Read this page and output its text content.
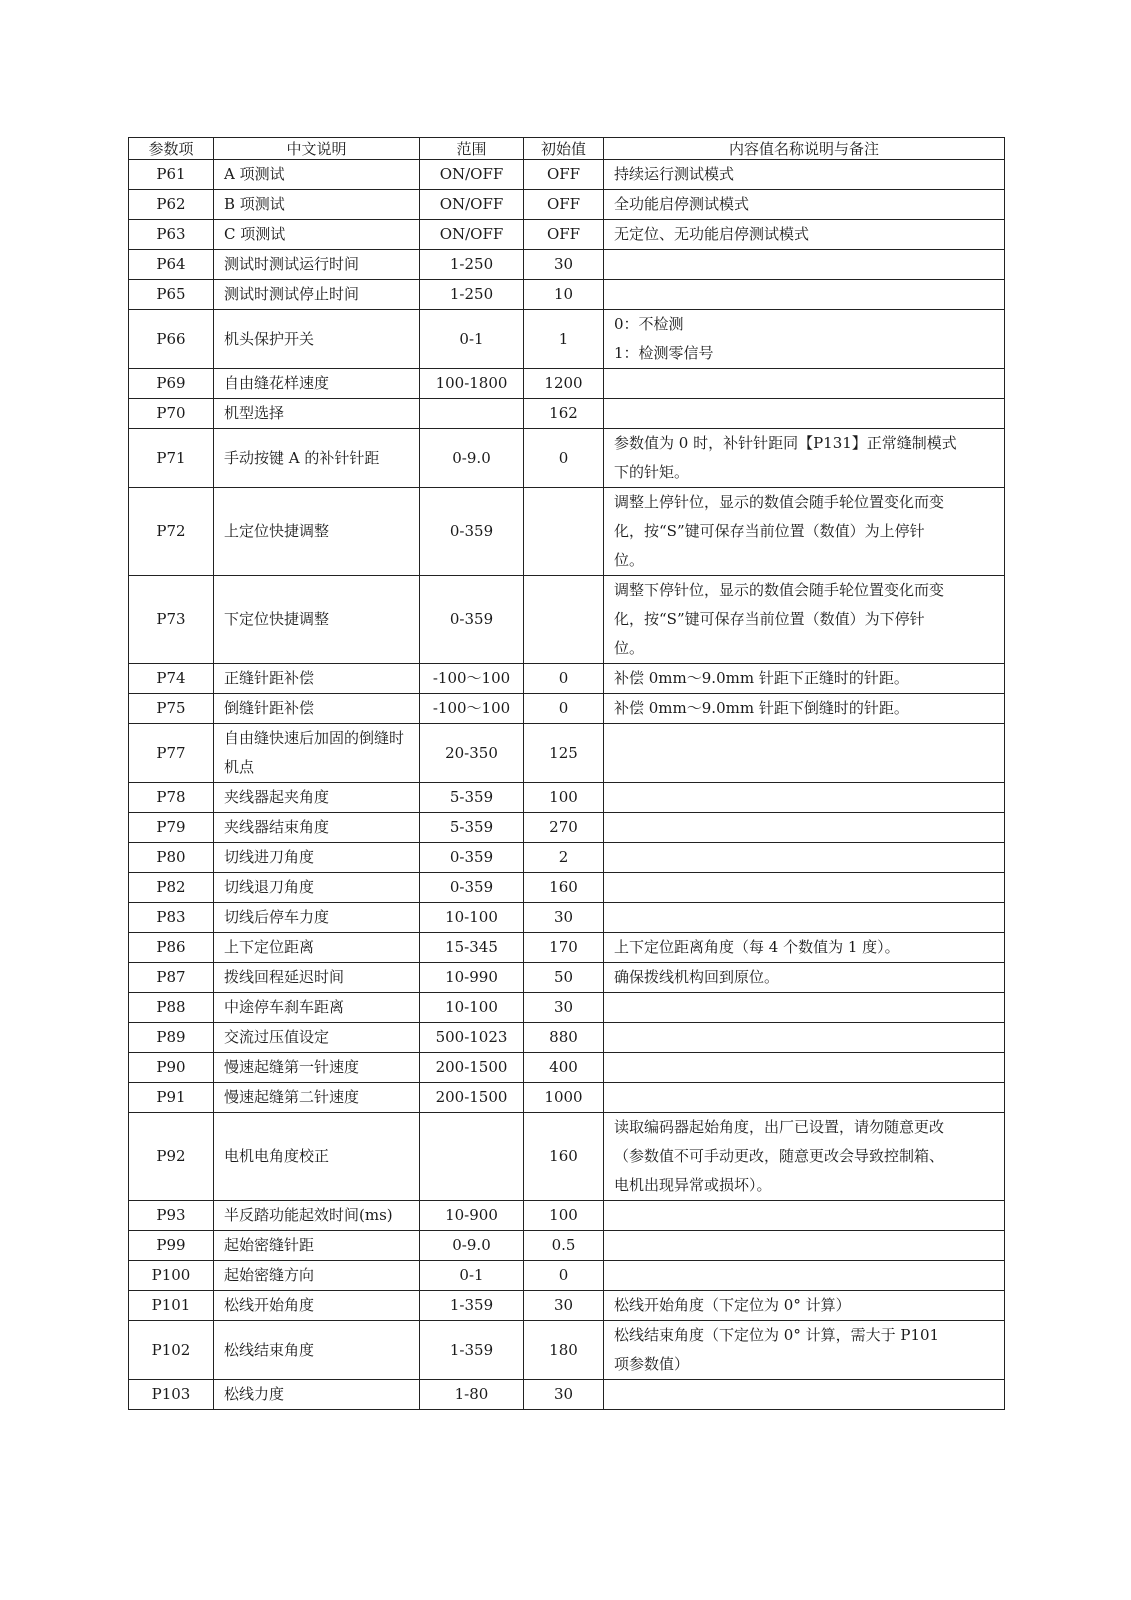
参数项	中文说明	范围	初始值	内容值名称说明与备注
P61	A 项测试	ON/OFF	OFF	持续运行测试模式

P62	B 项测试	ON/OFF	OFF	全功能启停测试模式

P63	C 项测试	ON/OFF	OFF	无定位、无功能启停测试模式

P64	测试时测试运行时间	1-250	30	
P65	测试时测试停止时间	1-250	10	
P66	机头保护开关	0-1	1	0：不检测
1：检测零信号

P69	自由缝花样速度	100-1800	1200	
P70	机型选择		162	
P71	手动按键 A 的补针针距	0-9.0	0	参数值为 0 时，补针针距同【P131】正常缝制模式
下的针矩。

P72	上定位快捷调整	0-359		调整上停针位，显示的数值会随手轮位置变化而变
化，按“S”键可保存当前位置（数值）为上停针
位。

P73	下定位快捷调整	0-359		调整下停针位，显示的数值会随手轮位置变化而变
化，按“S”键可保存当前位置（数值）为下停针
位。

P74	正缝针距补偿	-100～100	0	补偿 0mm～9.0mm 针距下正缝时的针距。

P75	倒缝针距补偿	-100～100	0	补偿 0mm～9.0mm 针距下倒缝时的针距。

P77	自由缝快速后加固的倒缝时机点	20-350	125	
P78	夹线器起夹角度	5-359	100	
P79	夹线器结束角度	5-359	270	
P80	切线进刀角度	0-359	2	
P82	切线退刀角度	0-359	160	
P83	切线后停车力度	10-100	30	
P86	上下定位距离	15-345	170	上下定位距离角度（每 4 个数值为 1 度）。

P87	拨线回程延迟时间	10-990	50	确保拨线机构回到原位。

P88	中途停车刹车距离	10-100	30	
P89	交流过压值设定	500-1023	880	
P90	慢速起缝第一针速度	200-1500	400	
P91	慢速起缝第二针速度	200-1500	1000	
P92	电机电角度校正		160	读取编码器起始角度，出厂已设置，请勿随意更改
（参数值不可手动更改，随意更改会导致控制箱、
电机出现异常或损坏）。

P93	半反踏功能起效时间(ms)	10-900	100	
P99	起始密缝针距	0-9.0	0.5	
P100	起始密缝方向	0-1	0	
P101	松线开始角度	1-359	30	松线开始角度（下定位为 0° 计算）

P102	松线结束角度	1-359	180	松线结束角度（下定位为 0° 计算，需大于 P101
项参数值）

P103	松线力度	1-80	30	
